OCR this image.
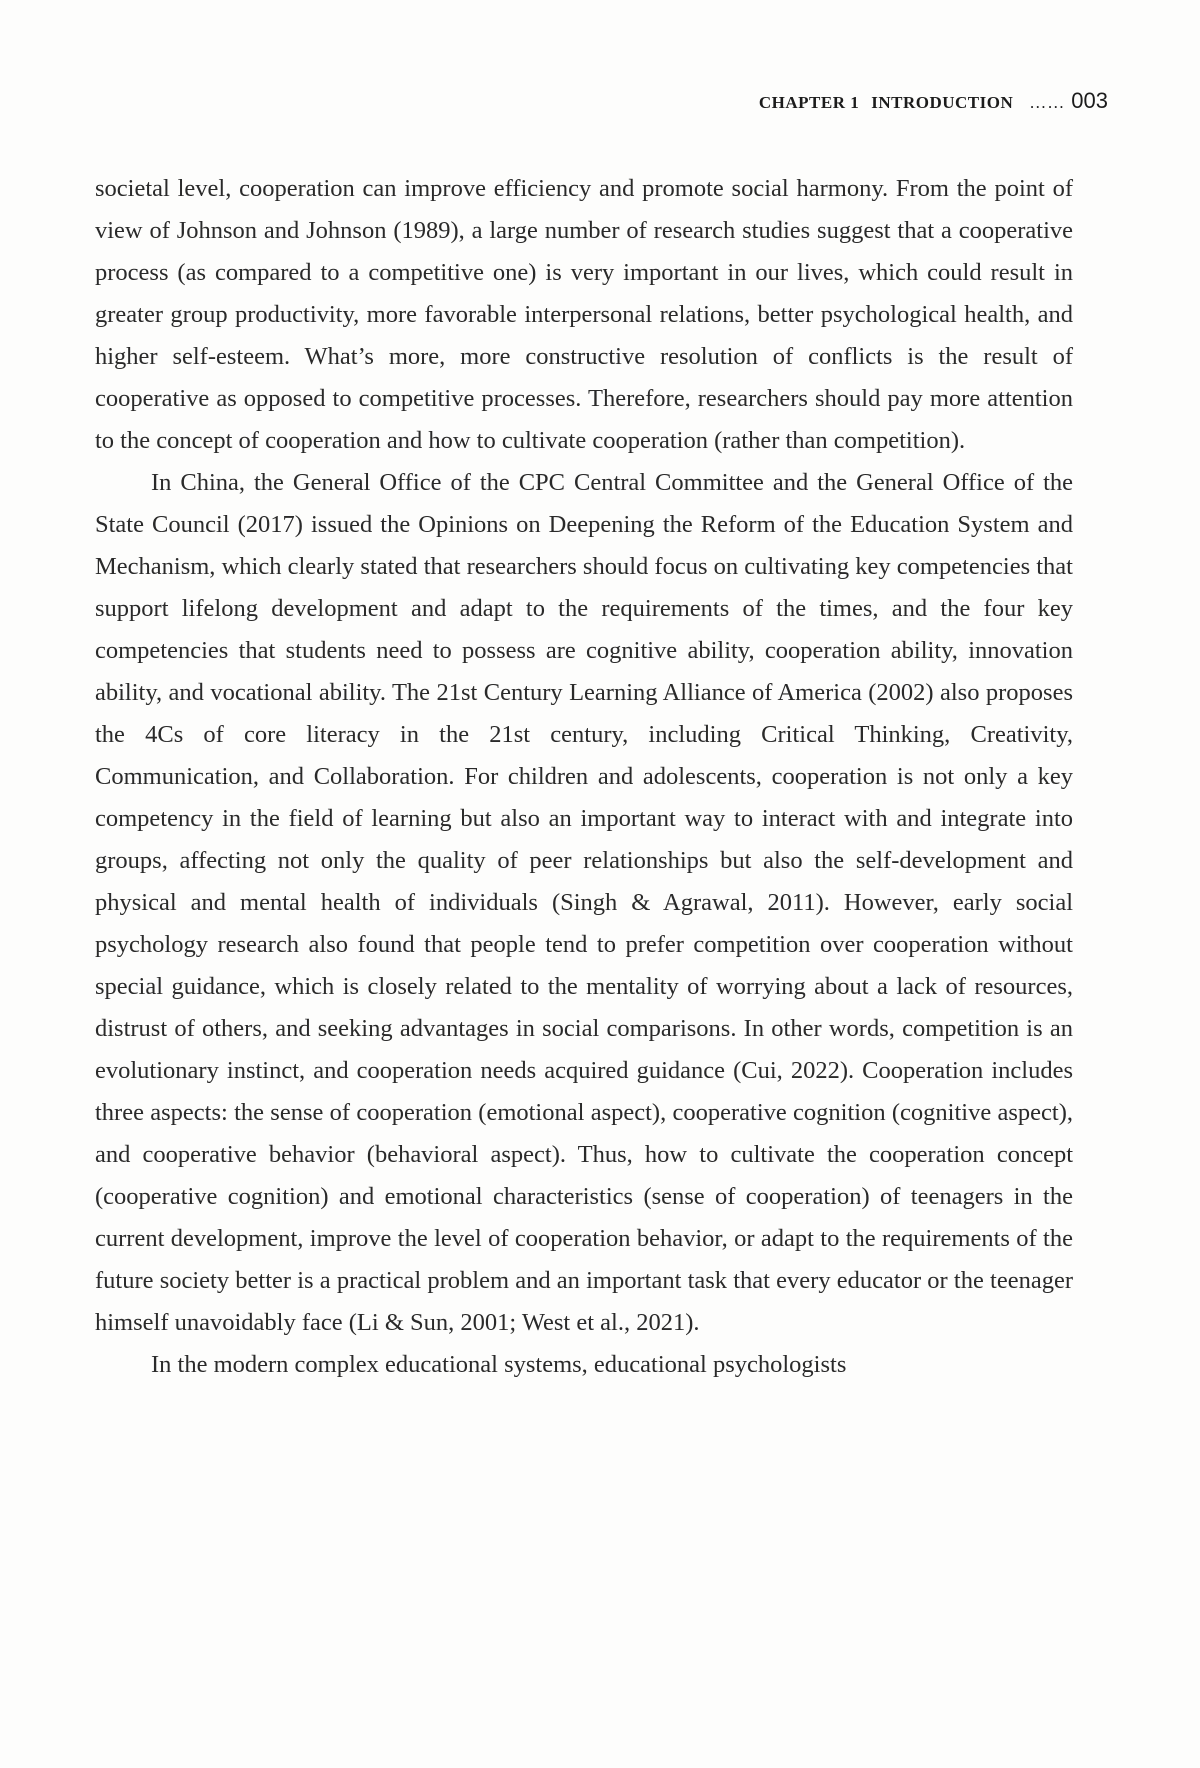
CHAPTER 1 INTRODUCTION …… 003

societal level, cooperation can improve efficiency and promote social harmony. From the point of view of Johnson and Johnson (1989), a large number of research studies suggest that a cooperative process (as compared to a competitive one) is very important in our lives, which could result in greater group productivity, more favorable interpersonal relations, better psychological health, and higher self-esteem. What’s more, more constructive resolution of conflicts is the result of cooperative as opposed to competitive processes. Therefore, researchers should pay more attention to the concept of cooperation and how to cultivate cooperation (rather than competition).

In China, the General Office of the CPC Central Committee and the General Office of the State Council (2017) issued the Opinions on Deepening the Reform of the Education System and Mechanism, which clearly stated that researchers should focus on cultivating key competencies that support lifelong development and adapt to the requirements of the times, and the four key competencies that students need to possess are cognitive ability, cooperation ability, innovation ability, and vocational ability. The 21st Century Learning Alliance of America (2002) also proposes the 4Cs of core literacy in the 21st century, including Critical Thinking, Creativity, Communication, and Collaboration. For children and adolescents, cooperation is not only a key competency in the field of learning but also an important way to interact with and integrate into groups, affecting not only the quality of peer relationships but also the self-development and physical and mental health of individuals (Singh & Agrawal, 2011). However, early social psychology research also found that people tend to prefer competition over cooperation without special guidance, which is closely related to the mentality of worrying about a lack of resources, distrust of others, and seeking advantages in social comparisons. In other words, competition is an evolutionary instinct, and cooperation needs acquired guidance (Cui, 2022). Cooperation includes three aspects: the sense of cooperation (emotional aspect), cooperative cognition (cognitive aspect), and cooperative behavior (behavioral aspect). Thus, how to cultivate the cooperation concept (cooperative cognition) and emotional characteristics (sense of cooperation) of teenagers in the current development, improve the level of cooperation behavior, or adapt to the requirements of the future society better is a practical problem and an important task that every educator or the teenager himself unavoidably face (Li & Sun, 2001; West et al., 2021).

In the modern complex educational systems, educational psychologists
